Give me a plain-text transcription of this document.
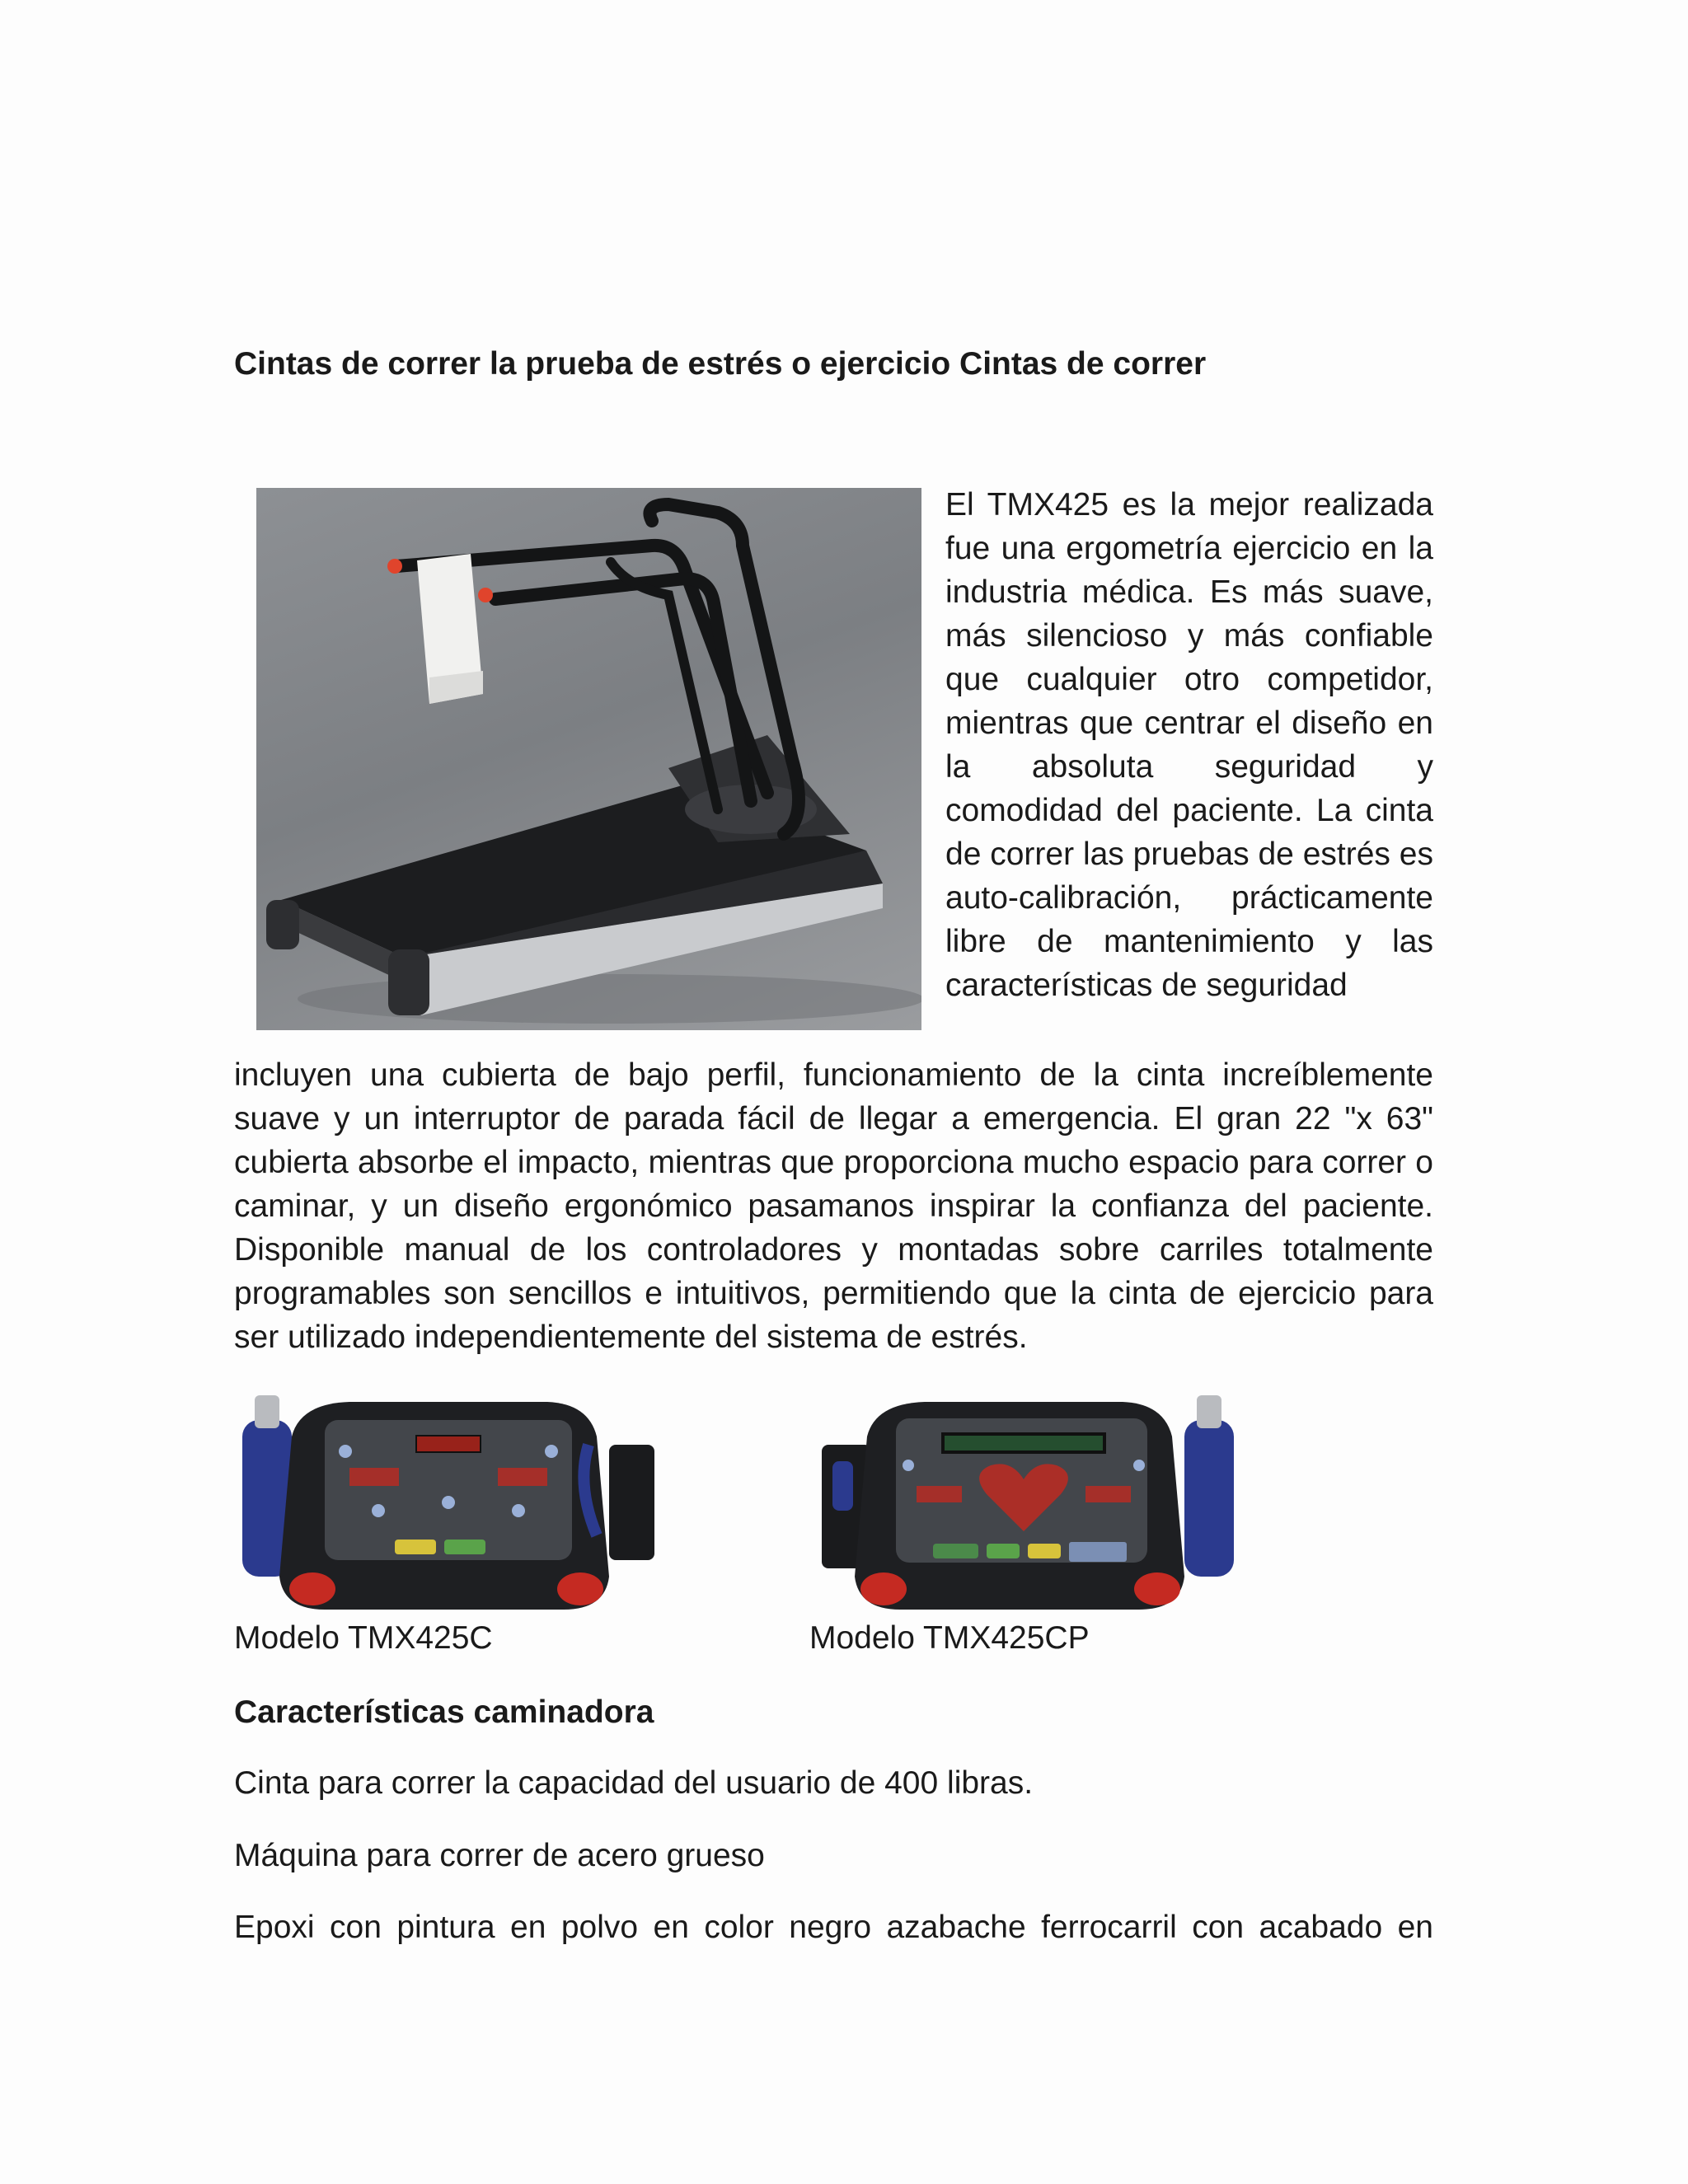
Cintas de correr la prueba de estrés o ejercicio Cintas de correr

El TMX425 es la mejor realizada fue una ergometría ejercicio en la industria médica. Es más suave, más silencioso y más confiable que cualquier otro competidor, mientras que centrar el diseño en la absoluta seguridad y comodidad del paciente. La cinta de correr las pruebas de estrés es auto-calibración, prácticamente libre de mantenimiento y las características de seguridad

incluyen una cubierta de bajo perfil, funcionamiento de la cinta increíblemente suave y un interruptor de parada fácil de llegar a emergencia. El gran 22 "x 63" cubierta absorbe el impacto, mientras que proporciona mucho espacio para correr o caminar, y un diseño ergonómico pasamanos inspirar la confianza del paciente. Disponible manual de los controladores y montadas sobre carriles totalmente programables son sencillos e intuitivos, permitiendo que la cinta de ejercicio para ser utilizado independientemente del sistema de estrés.

Modelo TMX425C	Modelo TMX425CP

Características caminadora

Cinta para correr la capacidad del usuario de 400 libras.

Máquina para correr de acero grueso

Epoxi con pintura en polvo en color negro azabache ferrocarril con acabado en
